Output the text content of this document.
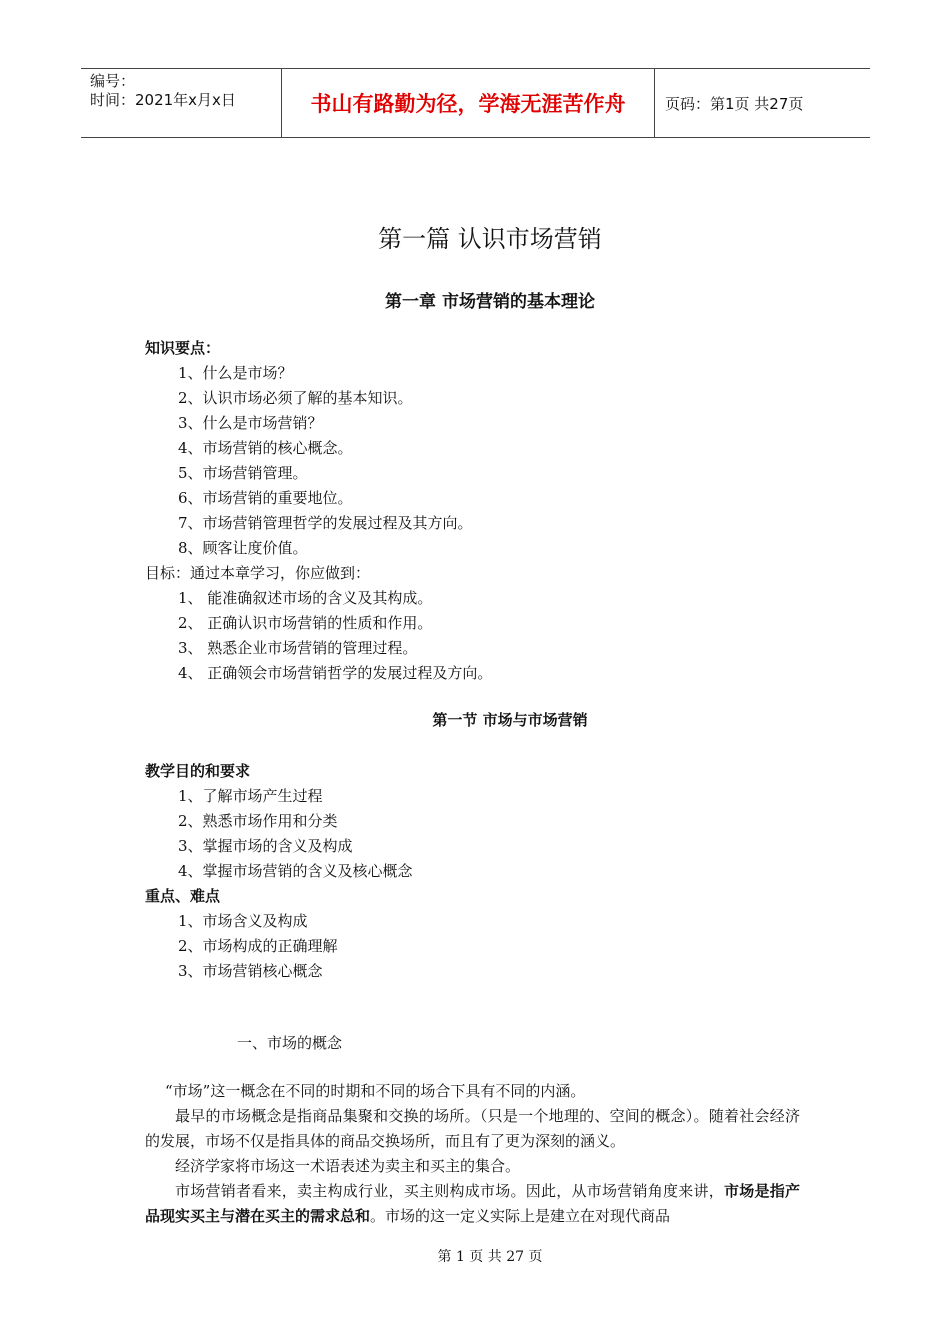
编号：
时间：2021年x月x日	书山有路勤为径，学海无涯苦作舟	页码：第1页 共27页
第一篇 认识市场营销
第一章 市场营销的基本理论
知识要点：
1、什么是市场？
2、认识市场必须了解的基本知识。
3、什么是市场营销？
4、市场营销的核心概念。
5、市场营销管理。
6、市场营销的重要地位。
7、市场营销管理哲学的发展过程及其方向。
8、顾客让度价值。
目标：通过本章学习，你应做到：
1、 能准确叙述市场的含义及其构成。
2、 正确认识市场营销的性质和作用。
3、 熟悉企业市场营销的管理过程。
4、 正确领会市场营销哲学的发展过程及方向。
第一节 市场与市场营销
教学目的和要求
1、了解市场产生过程
2、熟悉市场作用和分类
3、掌握市场的含义及构成
4、掌握市场营销的含义及核心概念
重点、难点
1、市场含义及构成
2、市场构成的正确理解
3、市场营销核心概念
一、市场的概念

“市场”这一概念在不同的时期和不同的场合下具有不同的内涵。

最早的市场概念是指商品集聚和交换的场所。（只是一个地理的、空间的概念）。随着社会经济的发展，市场不仅是指具体的商品交换场所，而且有了更为深刻的涵义。

经济学家将市场这一术语表述为卖主和买主的集合。

市场营销者看来，卖主构成行业，买主则构成市场。因此，从市场营销角度来讲，市场是指产品现实买主与潜在买主的需求总和。市场的这一定义实际上是建立在对现代商品

第 1 页 共 27 页
